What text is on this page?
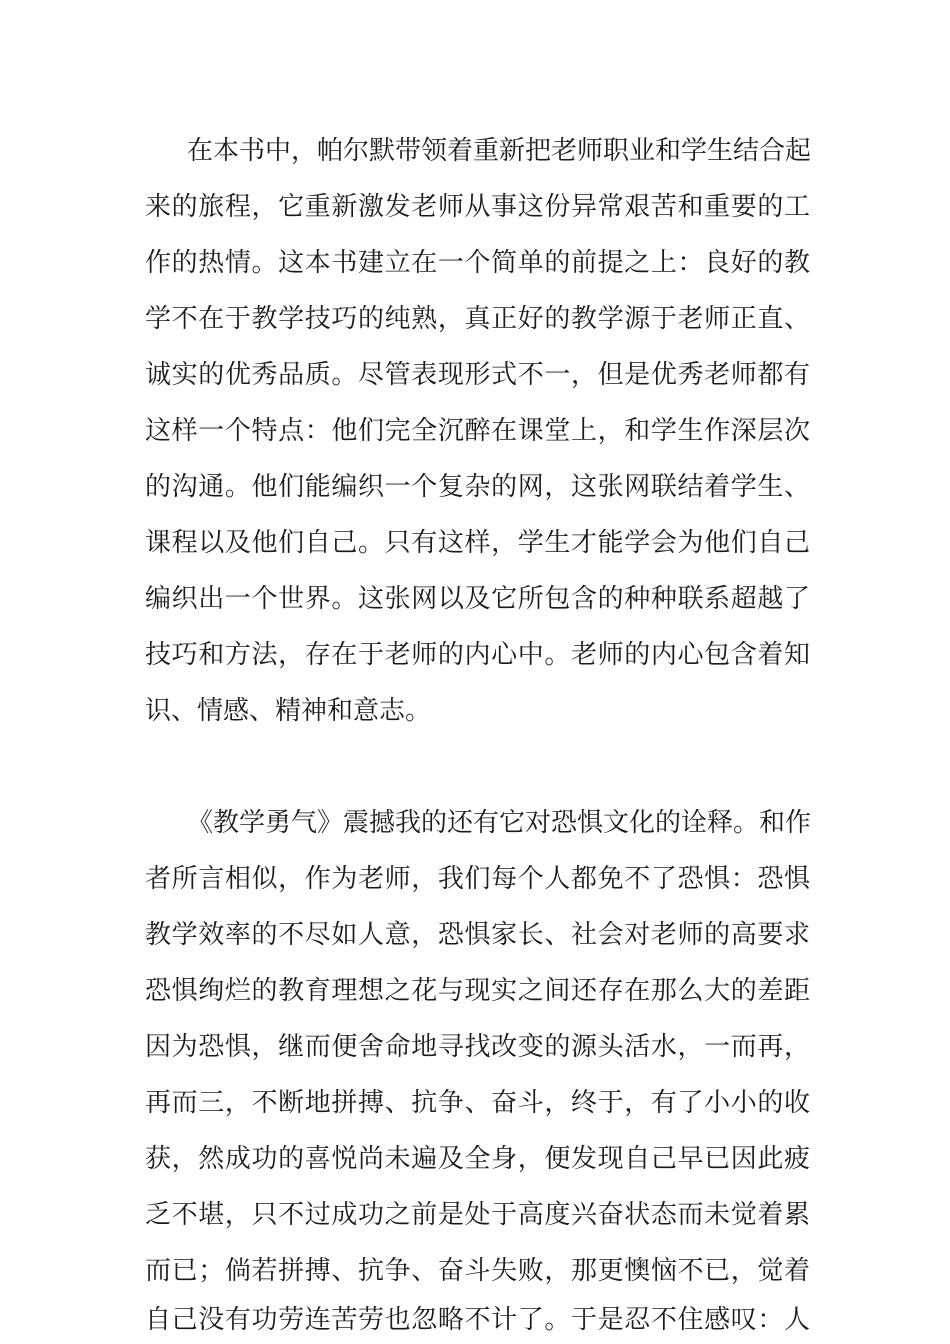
在本书中，帕尔默带领着重新把老师职业和学生结合起
来的旅程，它重新激发老师从事这份异常艰苦和重要的工
作的热情。这本书建立在一个简单的前提之上：良好的教
学不在于教学技巧的纯熟，真正好的教学源于老师正直、
诚实的优秀品质。尽管表现形式不一，但是优秀老师都有
这样一个特点：他们完全沉醉在课堂上，和学生作深层次
的沟通。他们能编织一个复杂的网，这张网联结着学生、
课程以及他们自己。只有这样，学生才能学会为他们自己
编织出一个世界。这张网以及它所包含的种种联系超越了
技巧和方法，存在于老师的内心中。老师的内心包含着知
识、情感、精神和意志。
《教学勇气》震撼我的还有它对恐惧文化的诠释。和作
者所言相似，作为老师，我们每个人都免不了恐惧：恐惧
教学效率的不尽如人意，恐惧家长、社会对老师的高要求
恐惧绚烂的教育理想之花与现实之间还存在那么大的差距
因为恐惧，继而便舍命地寻找改变的源头活水，一而再，
再而三，不断地拼搏、抗争、奋斗，终于，有了小小的收
获，然成功的喜悦尚未遍及全身，便发现自己早已因此疲
乏不堪，只不过成功之前是处于高度兴奋状态而未觉着累
而已；倘若拼搏、抗争、奋斗失败，那更懊恼不已，觉着
自己没有功劳连苦劳也忽略不计了。于是忍不住感叹：人
